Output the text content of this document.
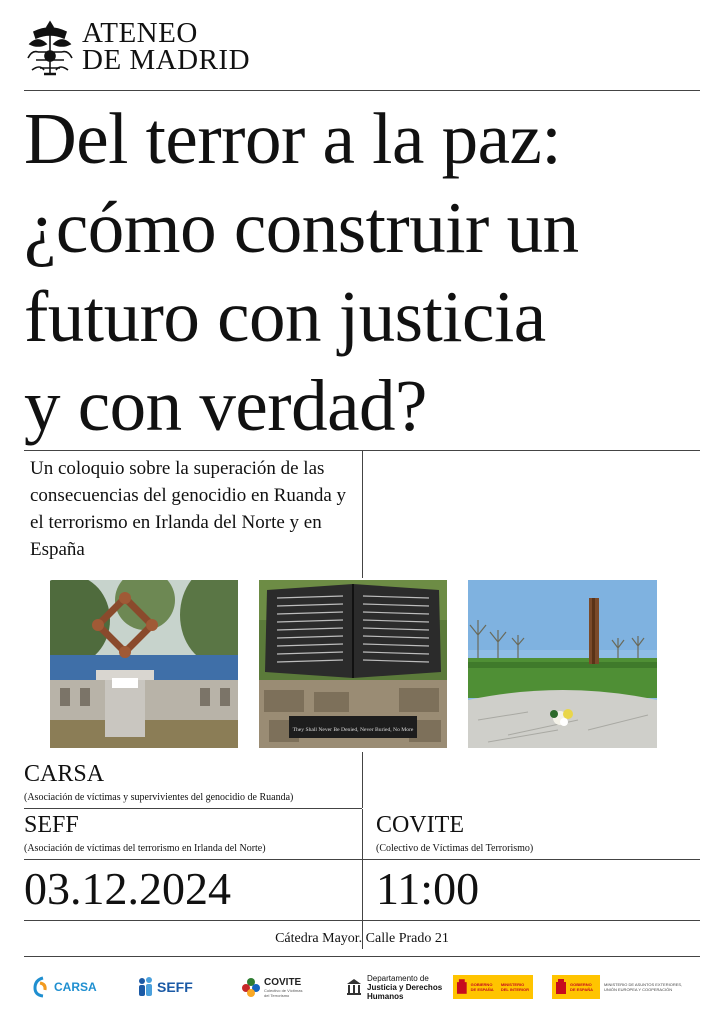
ATENEO
DE MADRID
Del terror a la paz:
¿cómo construir un
futuro con justicia
y con verdad?
Un coloquio sobre la superación de las consecuencias del genocidio en Ruanda y el terrorismo en Irlanda del Norte y en España
They Shall Never Be Denied, Never Buried, No More
CARSA
(Asociación de víctimas y supervivientes del genocidio de Ruanda)
SEFF
(Asociación de víctimas del terrorismo en Irlanda del Norte)
COVITE
(Colectivo de Víctimas del Terrorismo)
03.12.2024	11:00
Cátedra Mayor. Calle Prado 21
CARSA	SEFF	COVITE
Colectivo de Víctimas del Terrorismo
Departamento de
Justicia y Derechos
Humanos
GOBIERNO DE ESPAÑA
MINISTERIO DEL INTERIOR
GOBIERNO DE ESPAÑA
MINISTERIO DE ASUNTOS EXTERIORES, UNIÓN EUROPEA Y COOPERACIÓN
